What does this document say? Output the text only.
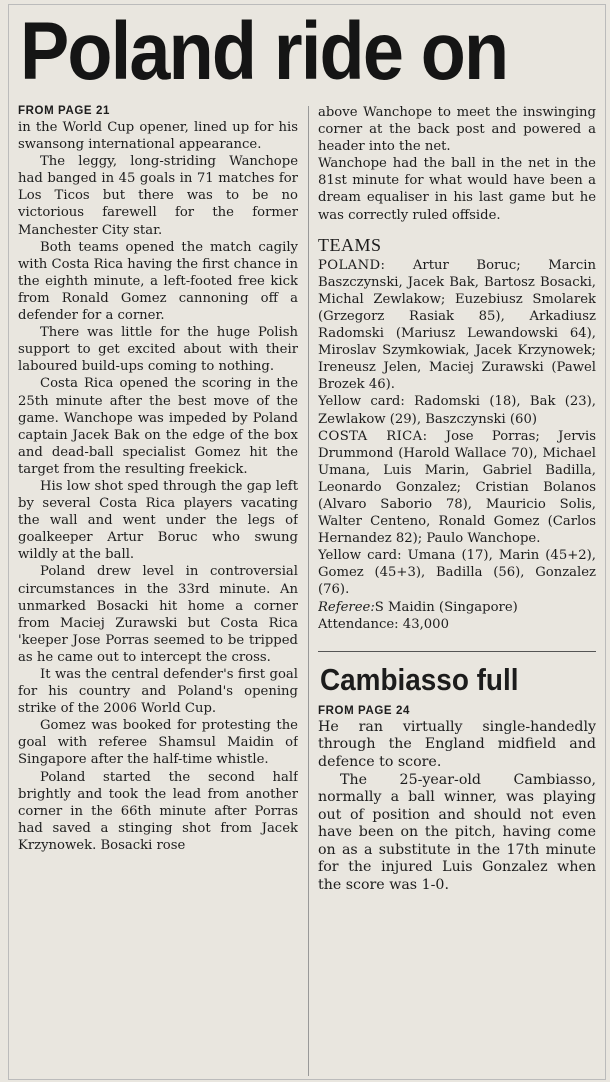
Poland ride on
FROM PAGE 21

in the World Cup opener, lined up for his swansong international appearance.

The leggy, long-striding Wanchope had banged in 45 goals in 71 matches for Los Ticos but there was to be no victorious farewell for the former Manchester City star.

Both teams opened the match cagily with Costa Rica having the first chance in the eighth minute, a left-footed free kick from Ronald Gomez cannoning off a defender for a corner.

There was little for the huge Polish support to get excited about with their laboured build-ups coming to nothing.

Costa Rica opened the scoring in the 25th minute after the best move of the game. Wanchope was impeded by Poland captain Jacek Bak on the edge of the box and dead-ball specialist Gomez hit the target from the resulting freekick.

His low shot sped through the gap left by several Costa Rica players vacating the wall and went under the legs of goalkeeper Artur Boruc who swung wildly at the ball.

Poland drew level in controversial circumstances in the 33rd minute. An unmarked Bosacki hit home a corner from Maciej Zurawski but Costa Rica 'keeper Jose Porras seemed to be tripped as he came out to intercept the cross.

It was the central defender's first goal for his country and Poland's opening strike of the 2006 World Cup.

Gomez was booked for protesting the goal with referee Shamsul Maidin of Singapore after the half-time whistle.

Poland started the second half brightly and took the lead from another corner in the 66th minute after Porras had saved a stinging shot from Jacek Krzynowek. Bosacki rose

above Wanchope to meet the inswinging corner at the back post and powered a header into the net.

Wanchope had the ball in the net in the 81st minute for what would have been a dream equaliser in his last game but he was correctly ruled offside.

TEAMS

POLAND: Artur Boruc; Marcin Baszczynski, Jacek Bak, Bartosz Bosacki, Michal Zewlakow; Euzebiusz Smolarek (Grzegorz Rasiak 85), Arkadiusz Radomski (Mariusz Lewandowski 64), Miroslav Szymkowiak, Jacek Krzynowek; Ireneusz Jelen, Maciej Zurawski (Pawel Brozek 46).

Yellow card: Radomski (18), Bak (23), Zewlakow (29), Baszczynski (60)

COSTA RICA: Jose Porras; Jervis Drummond (Harold Wallace 70), Michael Umana, Luis Marin, Gabriel Badilla, Leonardo Gonzalez; Cristian Bolanos (Alvaro Saborio 78), Mauricio Solis, Walter Centeno, Ronald Gomez (Carlos Hernandez 82); Paulo Wanchope.

Yellow card: Umana (17), Marin (45+2), Gomez (45+3), Badilla (56), Gonzalez (76).

Referee:S Maidin (Singapore)

Attendance: 43,000

Cambiasso full
FROM PAGE 24

He ran virtually single-handedly through the England midfield and defence to score.

The 25-year-old Cambiasso, normally a ball winner, was playing out of position and should not even have been on the pitch, having come on as a substitute in the 17th minute for the injured Luis Gonzalez when the score was 1-0.
